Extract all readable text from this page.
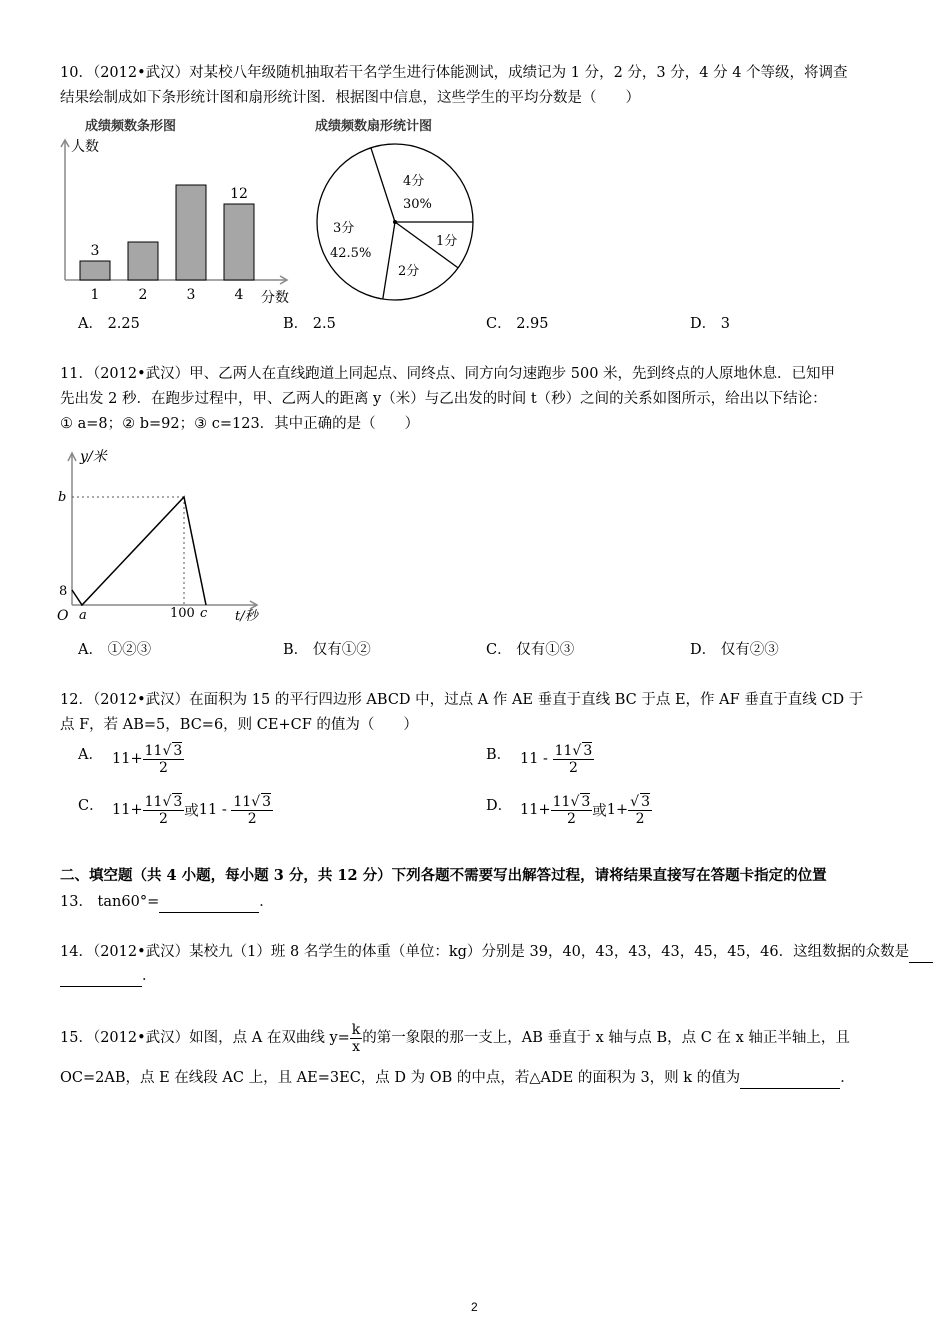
10．（2012•武汉）对某校八年级随机抽取若干名学生进行体能测试，成绩记为 1 分，2 分，3 分，4 分 4 个等级，将调查
结果绘制成如下条形统计图和扇形统计图．根据图中信息，这些学生的平均分数是（　　）
成绩频数条形图
人数
1
3
2	3	4
12
分数
成绩频数扇形统计图
4分
30%
1分
2分
3分
42.5%
A． 2.25	B． 2.5	C． 2.95	D． 3
11．（2012•武汉）甲、乙两人在直线跑道上同起点、同终点、同方向匀速跑步 500 米，先到终点的人原地休息．已知甲
先出发 2 秒．在跑步过程中，甲、乙两人的距离 y（米）与乙出发的时间 t（秒）之间的关系如图所示，给出以下结论：
① a=8；② b=92；③ c=123．其中正确的是（　　）
y/米
t/秒
O
b
8
a	100 c
A． ①②③	B． 仅有①②	C． 仅有①③	D． 仅有②③
12．（2012•武汉）在面积为 15 的平行四边形 ABCD 中，过点 A 作 AE 垂直于直线 BC 于点 E，作 AF 垂直于直线 CD 于
点 F，若 AB=5，BC=6，则 CE+CF 的值为（　　）
A． $11+ \frac{11√ 3}{2}$	B． $11 - \frac{11√ 3}{2}$
C． $11+ \frac{11√ 3}{2}$ 或$11 - \frac{11√ 3}{2}$	D． $11+ \frac{11√ 3}{2}$ 或$1+ \frac{√ 3}{2}$
二、填空题（共 4 小题，每小题 3 分，共 12 分）下列各题不需要写出解答过程，请将结果直接写在答题卡指定的位置
13． tan60°=	．
14．（2012•武汉）某校九（1）班 8 名学生的体重（单位：kg）分别是 39，40，43，43，43，45，45，46．这组数据的众数是
．
15．（2012•武汉）如图，点 A 在双曲线 $y= \frac{k}{x}$ 的第一象限的那一支上，AB 垂直于 x 轴与点 B，点 C 在 x 轴正半轴上，且
OC=2AB，点 E 在线段 AC 上，且 AE=3EC，点 D 为 OB 的中点，若△ADE 的面积为 3，则 k 的值为	．
2
